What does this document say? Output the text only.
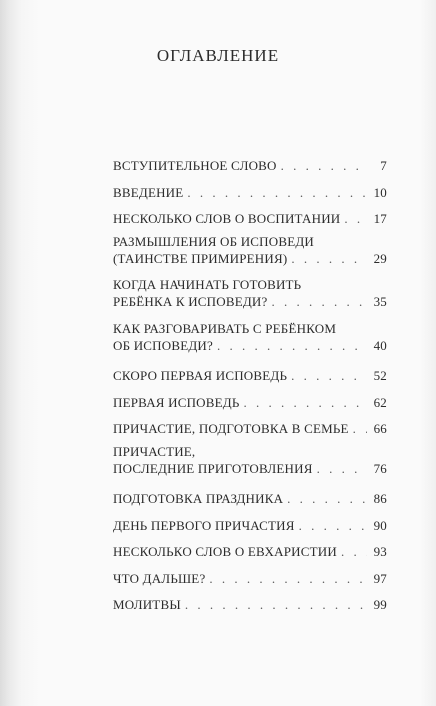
ОГЛАВЛЕНИЕ
ВСТУПИТЕЛЬНОЕ СЛОВО . . .	7
ВВЕДЕНИЕ . . .	10
НЕСКОЛЬКО СЛОВ О ВОСПИТАНИИ . . .	17
РАЗМЫШЛЕНИЯ ОБ ИСПОВЕДИ
(ТАИНСТВЕ ПРИМИРЕНИЯ) . . .	29
КОГДА НАЧИНАТЬ ГОТОВИТЬ
РЕБЁНКА К ИСПОВЕДИ? . . .	35
КАК РАЗГОВАРИВАТЬ С РЕБЁНКОМ
ОБ ИСПОВЕДИ? . . .	40
СКОРО ПЕРВАЯ ИСПОВЕДЬ . . .	52
ПЕРВАЯ ИСПОВЕДЬ . . .	62
ПРИЧАСТИЕ, ПОДГОТОВКА В СЕМЬЕ . . . 66
ПРИЧАСТИЕ,
ПОСЛЕДНИЕ ПРИГОТОВЛЕНИЯ . . .	76
ПОДГОТОВКА ПРАЗДНИКА . . .	86
ДЕНЬ ПЕРВОГО ПРИЧАСТИЯ . . .	90
НЕСКОЛЬКО СЛОВ О ЕВХАРИСТИИ . . .	93
ЧТО ДАЛЬШЕ? . . .	97
МОЛИТВЫ . . .	99
